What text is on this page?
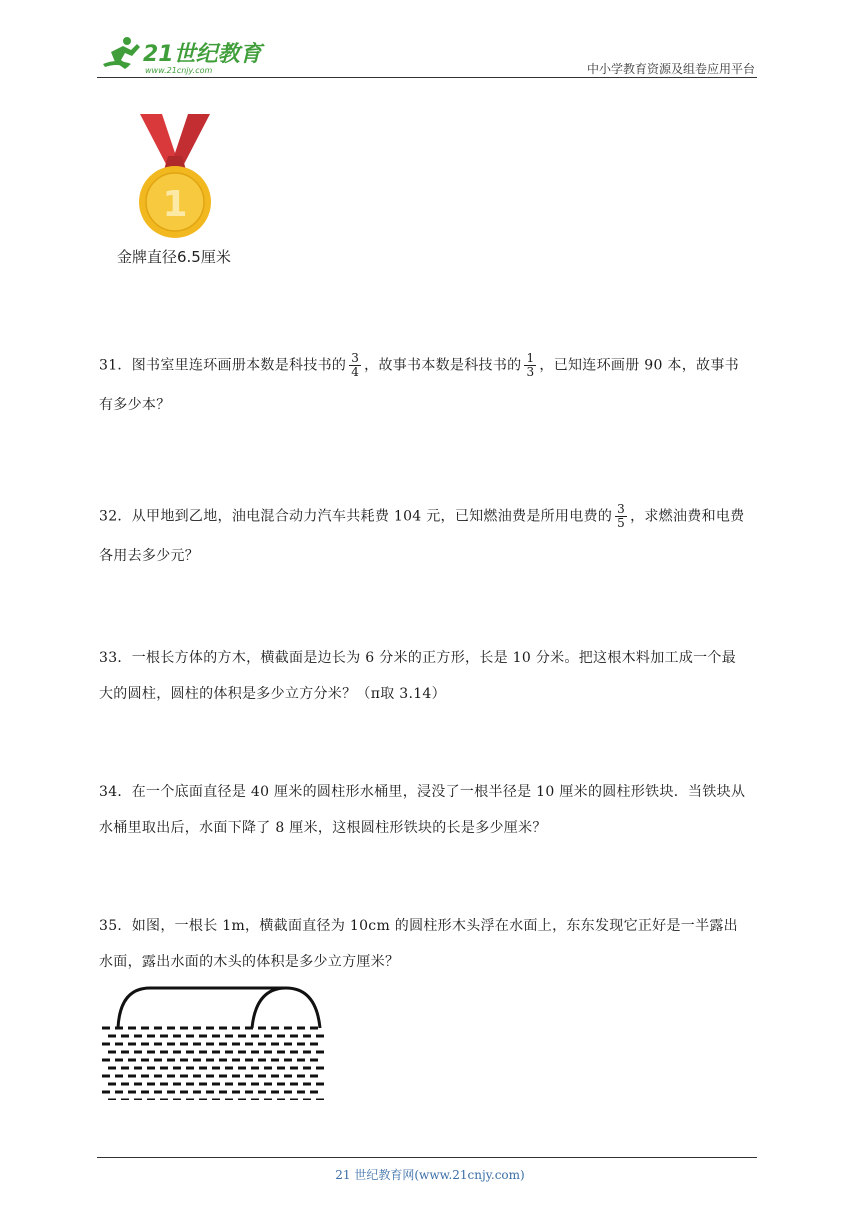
21世纪教育
www.21cnjy.com	中小学教育资源及组卷应用平台
1
金牌直径6.5厘米
31．图书室里连环画册本数是科技书的 $\frac{3}{4}$ ，故事书本数是科技书的 $\frac{1}{3}$ ，已知连环画册 90 本，故事书
有多少本？
32．从甲地到乙地，油电混合动力汽车共耗费 104 元，已知燃油费是所用电费的 $\frac{3}{5}$ ，求燃油费和电费
各用去多少元？
33．一根长方体的方木，横截面是边长为 6 分米的正方形，长是 10 分米。把这根木料加工成一个最
大的圆柱，圆柱的体积是多少立方分米？（π取 3.14）
34．在一个底面直径是 40 厘米的圆柱形水桶里，浸没了一根半径是 10 厘米的圆柱形铁块．当铁块从
水桶里取出后，水面下降了 8 厘米，这根圆柱形铁块的长是多少厘米？
35．如图，一根长 1m，横截面直径为 10cm 的圆柱形木头浮在水面上，东东发现它正好是一半露出
水面，露出水面的木头的体积是多少立方厘米？
21 世纪教育网(www.21cnjy.com)
